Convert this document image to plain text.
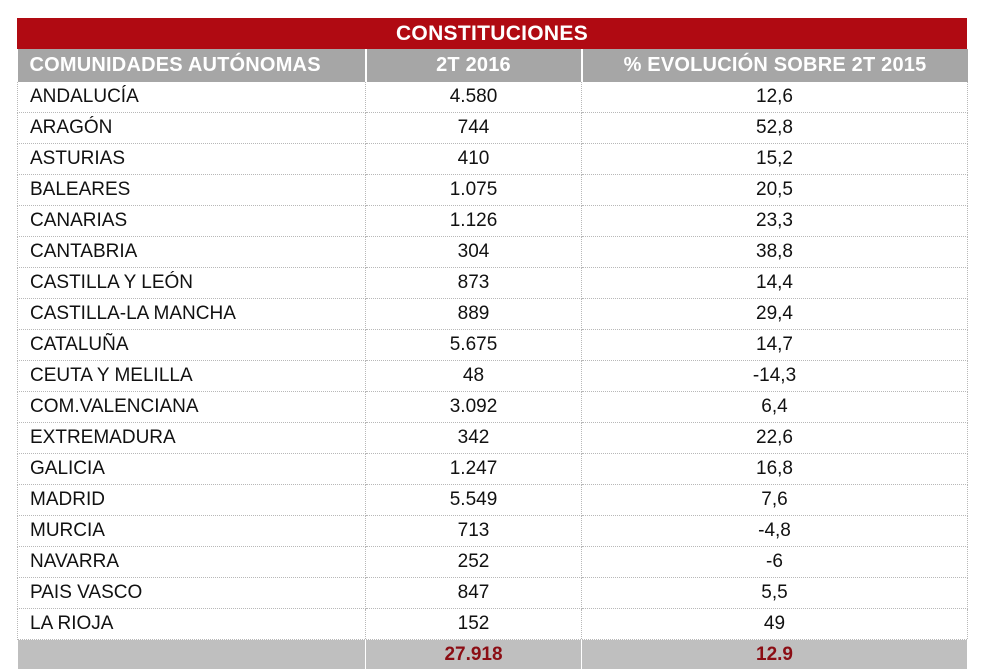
CONSTITUCIONES
COMUNIDADES AUTÓNOMAS	2T 2016	% EVOLUCIÓN SOBRE 2T 2015
ANDALUCÍA	4.580	12,6
ARAGÓN	744	52,8
ASTURIAS	410	15,2
BALEARES	1.075	20,5
CANARIAS	1.126	23,3
CANTABRIA	304	38,8
CASTILLA Y LEÓN	873	14,4
CASTILLA-LA MANCHA	889	29,4
CATALUÑA	5.675	14,7
CEUTA Y MELILLA	48	-14,3
COM.VALENCIANA	3.092	6,4
EXTREMADURA	342	22,6
GALICIA	1.247	16,8
MADRID	5.549	7,6
MURCIA	713	-4,8
NAVARRA	252	-6
PAIS VASCO	847	5,5
LA RIOJA	152	49
	27.918	12.9
